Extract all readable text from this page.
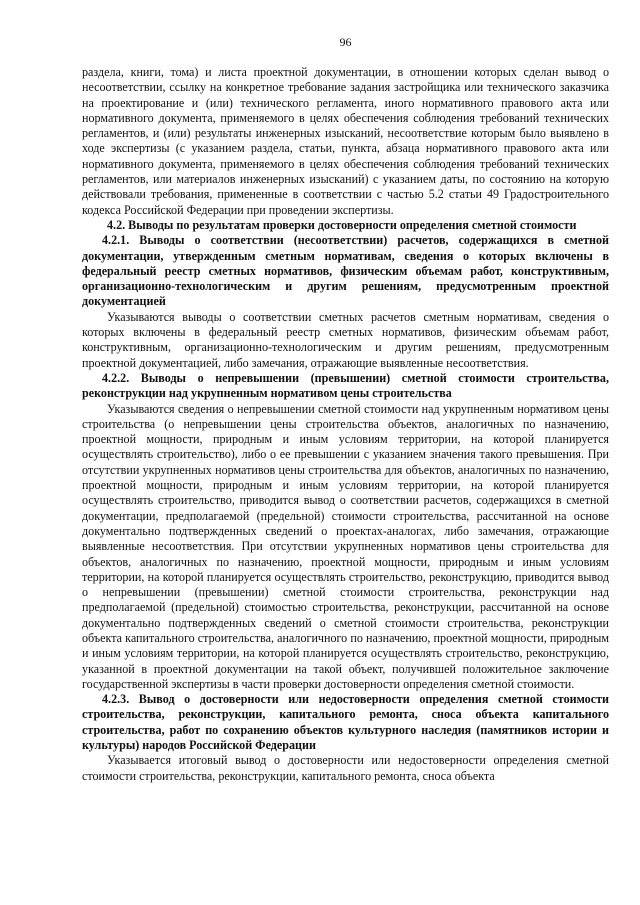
96

раздела, книги, тома) и листа проектной документации, в отношении которых сделан вывод о несоответствии, ссылку на конкретное требование задания застройщика или технического заказчика на проектирование и (или) технического регламента, иного нормативного правового акта или нормативного документа, применяемого в целях обеспечения соблюдения требований технических регламентов, и (или) результаты инженерных изысканий, несоответствие которым было выявлено в ходе экспертизы (с указанием раздела, статьи, пункта, абзаца нормативного правового акта или нормативного документа, применяемого в целях обеспечения соблюдения требований технических регламентов, или материалов инженерных изысканий) с указанием даты, по состоянию на которую действовали требования, примененные в соответствии с частью 5.2 статьи 49 Градостроительного кодекса Российской Федерации при проведении экспертизы.

4.2. Выводы по результатам проверки достоверности определения сметной стоимости

4.2.1. Выводы о соответствии (несоответствии) расчетов, содержащихся в сметной документации, утвержденным сметным нормативам, сведения о которых включены в федеральный реестр сметных нормативов, физическим объемам работ, конструктивным, организационно-технологическим и другим решениям, предусмотренным проектной документацией

Указываются выводы о соответствии сметных расчетов сметным нормативам, сведения о которых включены в федеральный реестр сметных нормативов, физическим объемам работ, конструктивным, организационно-технологическим и другим решениям, предусмотренным проектной документацией, либо замечания, отражающие выявленные несоответствия.

4.2.2. Выводы о непревышении (превышении) сметной стоимости строительства, реконструкции над укрупненным нормативом цены строительства

Указываются сведения о непревышении сметной стоимости над укрупненным нормативом цены строительства (о непревышении цены строительства объектов, аналогичных по назначению, проектной мощности, природным и иным условиям территории, на которой планируется осуществлять строительство), либо о ее превышении с указанием значения такого превышения. При отсутствии укрупненных нормативов цены строительства для объектов, аналогичных по назначению, проектной мощности, природным и иным условиям территории, на которой планируется осуществлять строительство, приводится вывод о соответствии расчетов, содержащихся в сметной документации, предполагаемой (предельной) стоимости строительства, рассчитанной на основе документально подтвержденных сведений о проектах-аналогах, либо замечания, отражающие выявленные несоответствия. При отсутствии укрупненных нормативов цены строительства для объектов, аналогичных по назначению, проектной мощности, природным и иным условиям территории, на которой планируется осуществлять строительство, реконструкцию, приводится вывод о непревышении (превышении) сметной стоимости строительства, реконструкции над предполагаемой (предельной) стоимостью строительства, реконструкции, рассчитанной на основе документально подтвержденных сведений о сметной стоимости строительства, реконструкции объекта капитального строительства, аналогичного по назначению, проектной мощности, природным и иным условиям территории, на которой планируется осуществлять строительство, реконструкцию, указанной в проектной документации на такой объект, получившей положительное заключение государственной экспертизы в части проверки достоверности определения сметной стоимости.

4.2.3. Вывод о достоверности или недостоверности определения сметной стоимости строительства, реконструкции, капитального ремонта, сноса объекта капитального строительства, работ по сохранению объектов культурного наследия (памятников истории и культуры) народов Российской Федерации

Указывается итоговый вывод о достоверности или недостоверности определения сметной стоимости строительства, реконструкции, капитального ремонта, сноса объекта
